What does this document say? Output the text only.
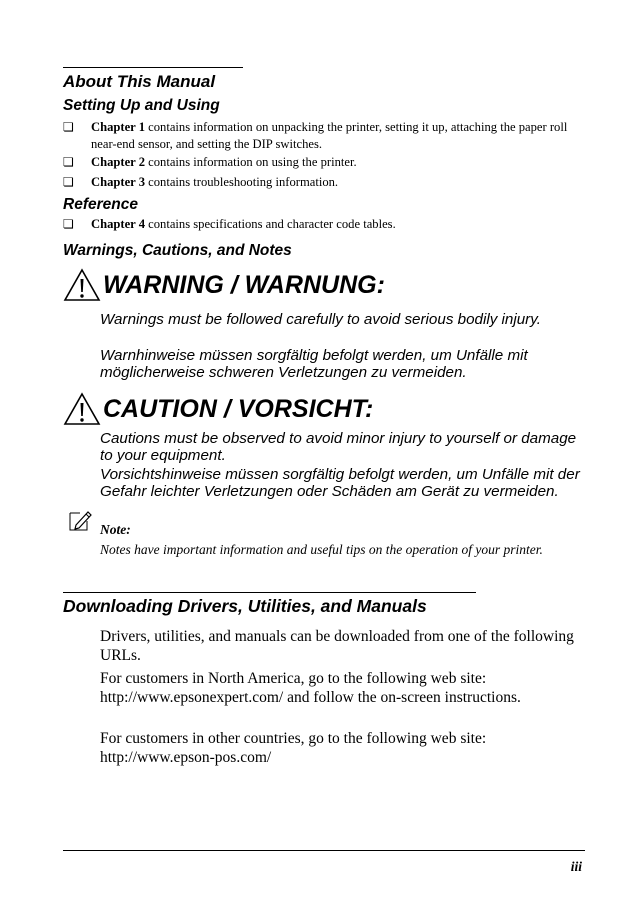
About This Manual
Setting Up and Using
❏ Chapter 1 contains information on unpacking the printer, setting it up, attaching the paper roll near-end sensor, and setting the DIP switches.
❏ Chapter 2 contains information on using the printer.
❏ Chapter 3 contains troubleshooting information.
Reference
❏ Chapter 4 contains specifications and character code tables.
Warnings, Cautions, and Notes
WARNING / WARNUNG:
Warnings must be followed carefully to avoid serious bodily injury.
Warnhinweise müssen sorgfältig befolgt werden, um Unfälle mit möglicherweise schweren Verletzungen zu vermeiden.
CAUTION / VORSICHT:
Cautions must be observed to avoid minor injury to yourself or damage to your equipment.
Vorsichtshinweise müssen sorgfältig befolgt werden, um Unfälle mit der Gefahr leichter Verletzungen oder Schäden am Gerät zu vermeiden.
Note:
Notes have important information and useful tips on the operation of your printer.
Downloading Drivers, Utilities, and Manuals
Drivers, utilities, and manuals can be downloaded from one of the following URLs.
For customers in North America, go to the following web site: http://www.epsonexpert.com/ and follow the on-screen instructions.
For customers in other countries, go to the following web site: http://www.epson-pos.com/
iii
